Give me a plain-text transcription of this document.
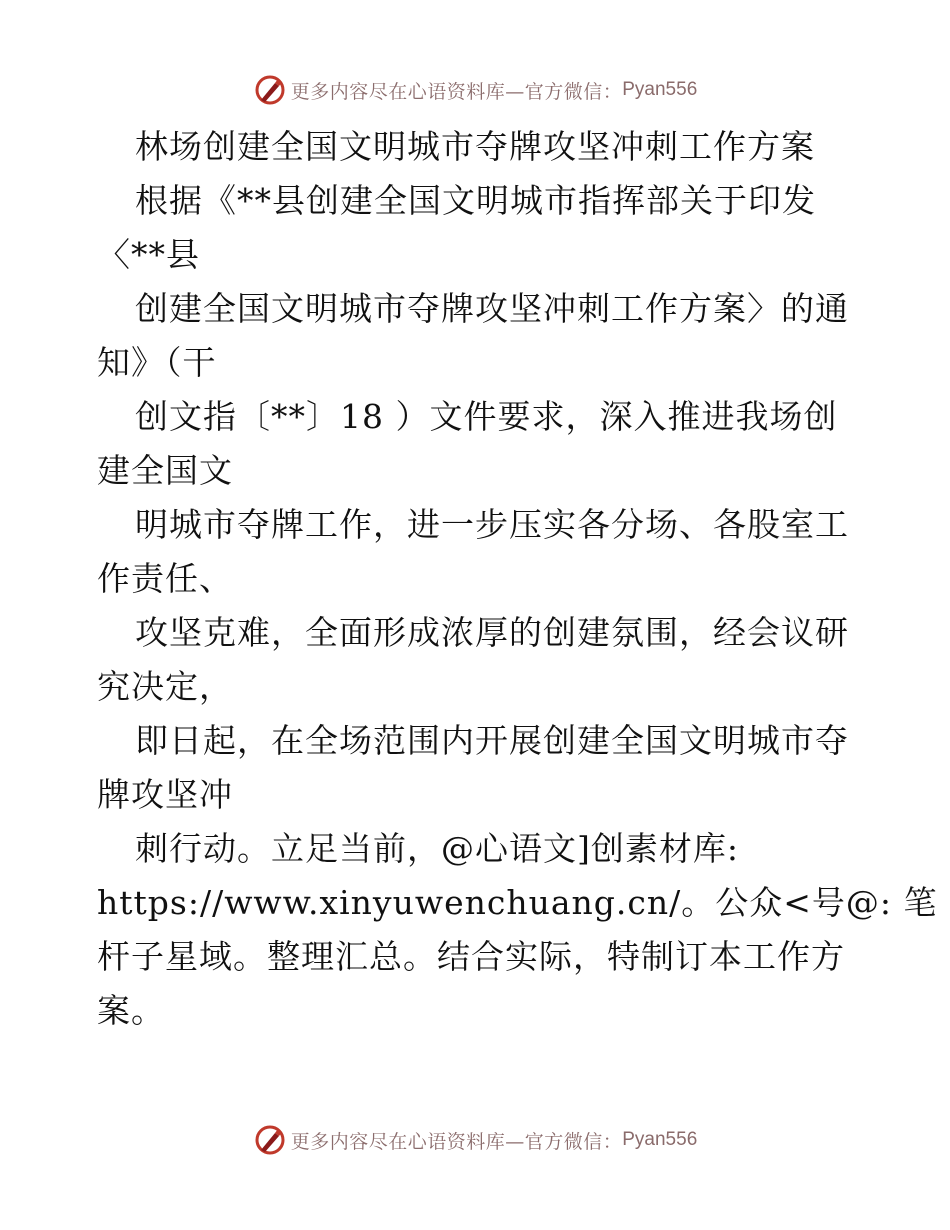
更多内容尽在心语资料库—官方微信： Pyan556
林场创建全国文明城市夺牌攻坚冲刺工作方案
根据《**县创建全国文明城市指挥部关于印发
〈**县
创建全国文明城市夺牌攻坚冲刺工作方案〉的通
知》（干
创文指〔**〕18 ）文件要求，深入推进我场创
建全国文
明城市夺牌工作，进一步压实各分场、各股室工
作责任、
攻坚克难，全面形成浓厚的创建氛围，经会议研
究决定，
即日起，在全场范围内开展创建全国文明城市夺
牌攻坚冲
刺行动。立足当前，@心语文]创素材库:
https://www.xinyuwenchuang.cn/。公众<号@: 笔
杆子星域。整理汇总。结合实际，特制订本工作方
案。
更多内容尽在心语资料库—官方微信： Pyan556
